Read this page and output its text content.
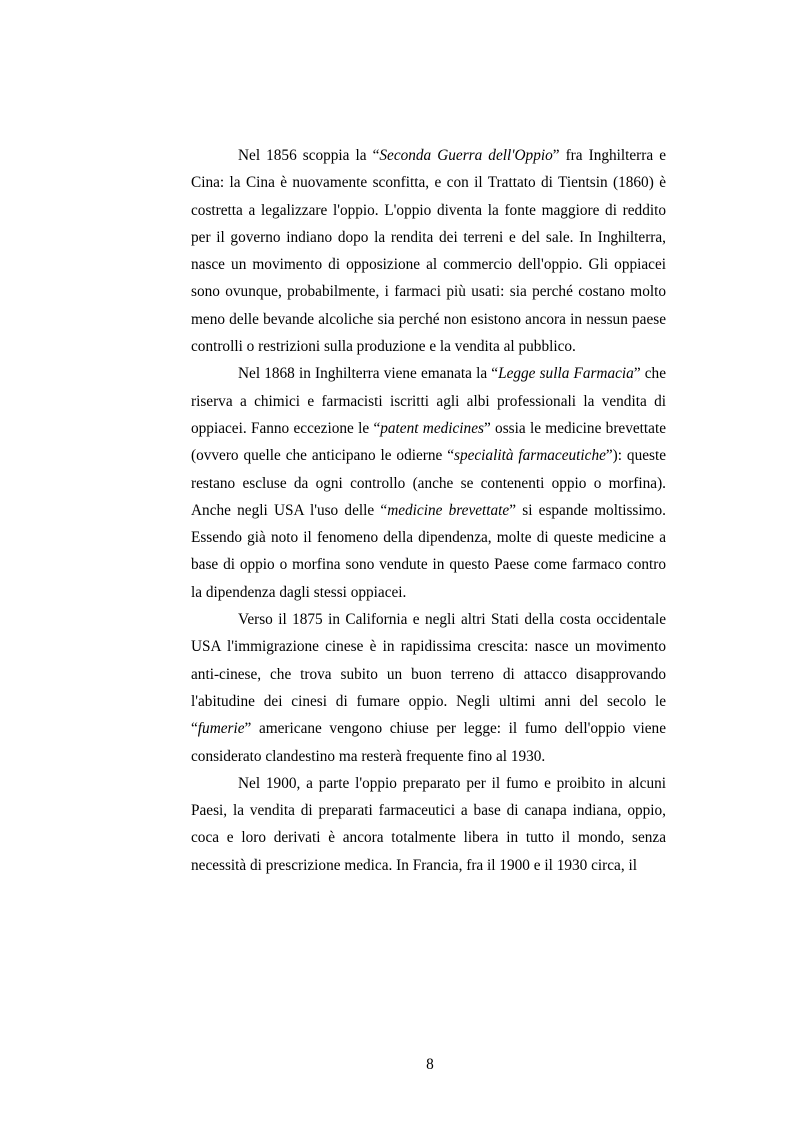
Nel 1856 scoppia la “Seconda Guerra dell'Oppio” fra Inghilterra e Cina: la Cina è nuovamente sconfitta, e con il Trattato di Tientsin (1860) è costretta a legalizzare l'oppio. L'oppio diventa la fonte maggiore di reddito per il governo indiano dopo la rendita dei terreni e del sale. In Inghilterra, nasce un movimento di opposizione al commercio dell'oppio. Gli oppiacei sono ovunque, probabilmente, i farmaci più usati: sia perché costano molto meno delle bevande alcoliche sia perché non esistono ancora in nessun paese controlli o restrizioni sulla produzione e la vendita al pubblico.

Nel 1868 in Inghilterra viene emanata la “Legge sulla Farmacia” che riserva a chimici e farmacisti iscritti agli albi professionali la vendita di oppiacei. Fanno eccezione le “patent medicines” ossia le medicine brevettate (ovvero quelle che anticipano le odierne “specialità farmaceutiche”): queste restano escluse da ogni controllo (anche se contenenti oppio o morfina). Anche negli USA l'uso delle “medicine brevettate” si espande moltissimo. Essendo già noto il fenomeno della dipendenza, molte di queste medicine a base di oppio o morfina sono vendute in questo Paese come farmaco contro la dipendenza dagli stessi oppiacei.

Verso il 1875 in California e negli altri Stati della costa occidentale USA l'immigrazione cinese è in rapidissima crescita: nasce un movimento anti-cinese, che trova subito un buon terreno di attacco disapprovando l'abitudine dei cinesi di fumare oppio. Negli ultimi anni del secolo le “fumerie” americane vengono chiuse per legge: il fumo dell'oppio viene considerato clandestino ma resterà frequente fino al 1930.

Nel 1900, a parte l'oppio preparato per il fumo e proibito in alcuni Paesi, la vendita di preparati farmaceutici a base di canapa indiana, oppio, coca e loro derivati è ancora totalmente libera in tutto il mondo, senza necessità di prescrizione medica. In Francia, fra il 1900 e il 1930 circa, il

8
